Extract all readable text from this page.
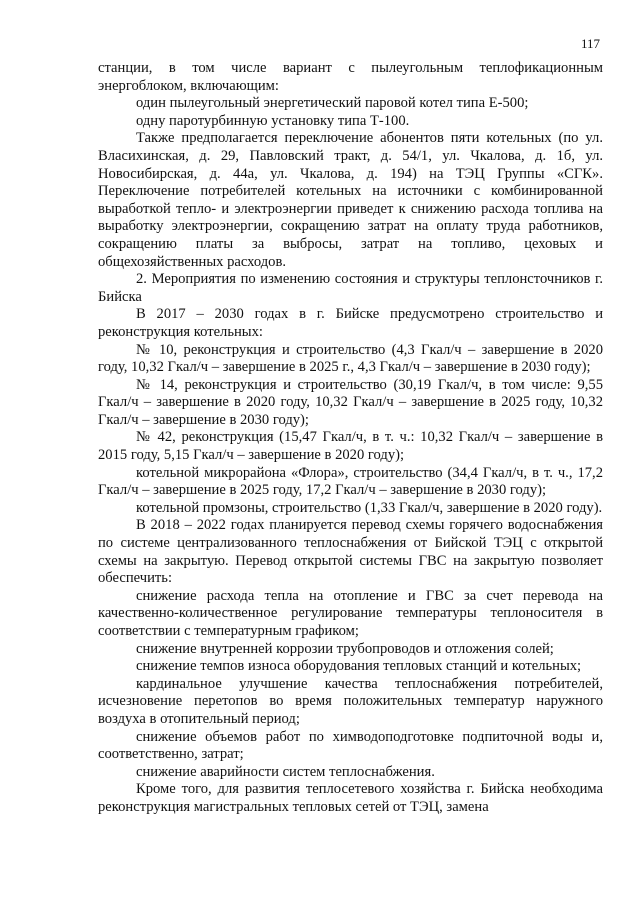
117

станции, в том числе вариант с пылеугольным теплофикационным энергоблоком, включающим:

один пылеугольный энергетический паровой котел типа Е-500;

одну паротурбинную установку типа Т-100.

Также предполагается переключение абонентов пяти котельных (по ул. Власихинская, д. 29, Павловский тракт, д. 54/1, ул. Чкалова, д. 1б, ул. Новосибирская, д. 44а, ул. Чкалова, д. 194) на ТЭЦ Группы «СГК». Переключение потребителей котельных на источники с комбинированной выработкой тепло- и электроэнергии приведет к снижению расхода топлива на выработку электроэнергии, сокращению затрат на оплату труда работников, сокращению платы за выбросы, затрат на топливо, цеховых и общехозяйственных расходов.

2. Мероприятия по изменению состояния и структуры теплонсточников г. Бийска

В 2017 – 2030 годах в г. Бийске предусмотрено строительство и реконструкция котельных:

№ 10, реконструкция и строительство (4,3 Гкал/ч – завершение в 2020 году, 10,32 Гкал/ч – завершение в 2025 г., 4,3 Гкал/ч – завершение в 2030 году);

№ 14, реконструкция и строительство (30,19 Гкал/ч, в том числе: 9,55 Гкал/ч – завершение в 2020 году, 10,32 Гкал/ч – завершение в 2025 году, 10,32 Гкал/ч – завершение в 2030 году);

№ 42, реконструкция (15,47 Гкал/ч, в т. ч.: 10,32 Гкал/ч – завершение в 2015 году, 5,15 Гкал/ч – завершение в 2020 году);

котельной микрорайона «Флора», строительство (34,4 Гкал/ч, в т. ч., 17,2 Гкал/ч – завершение в 2025 году, 17,2 Гкал/ч – завершение в 2030 году);

котельной промзоны, строительство (1,33 Гкал/ч, завершение в 2020 году).

В 2018 – 2022 годах планируется перевод схемы горячего водоснабжения по системе централизованного теплоснабжения от Бийской ТЭЦ с открытой схемы на закрытую. Перевод открытой системы ГВС на закрытую позволяет обеспечить:

снижение расхода тепла на отопление и ГВС за счет перевода на качественно-количественное регулирование температуры теплоносителя в соответствии с температурным графиком;

снижение внутренней коррозии трубопроводов и отложения солей;

снижение темпов износа оборудования тепловых станций и котельных;

кардинальное улучшение качества теплоснабжения потребителей, исчезновение перетопов во время положительных температур наружного воздуха в отопительный период;

снижение объемов работ по химводоподготовке подпиточной воды и, соответственно, затрат;

снижение аварийности систем теплоснабжения.

Кроме того, для развития теплосетевого хозяйства г. Бийска необходима реконструкция магистральных тепловых сетей от ТЭЦ, замена
